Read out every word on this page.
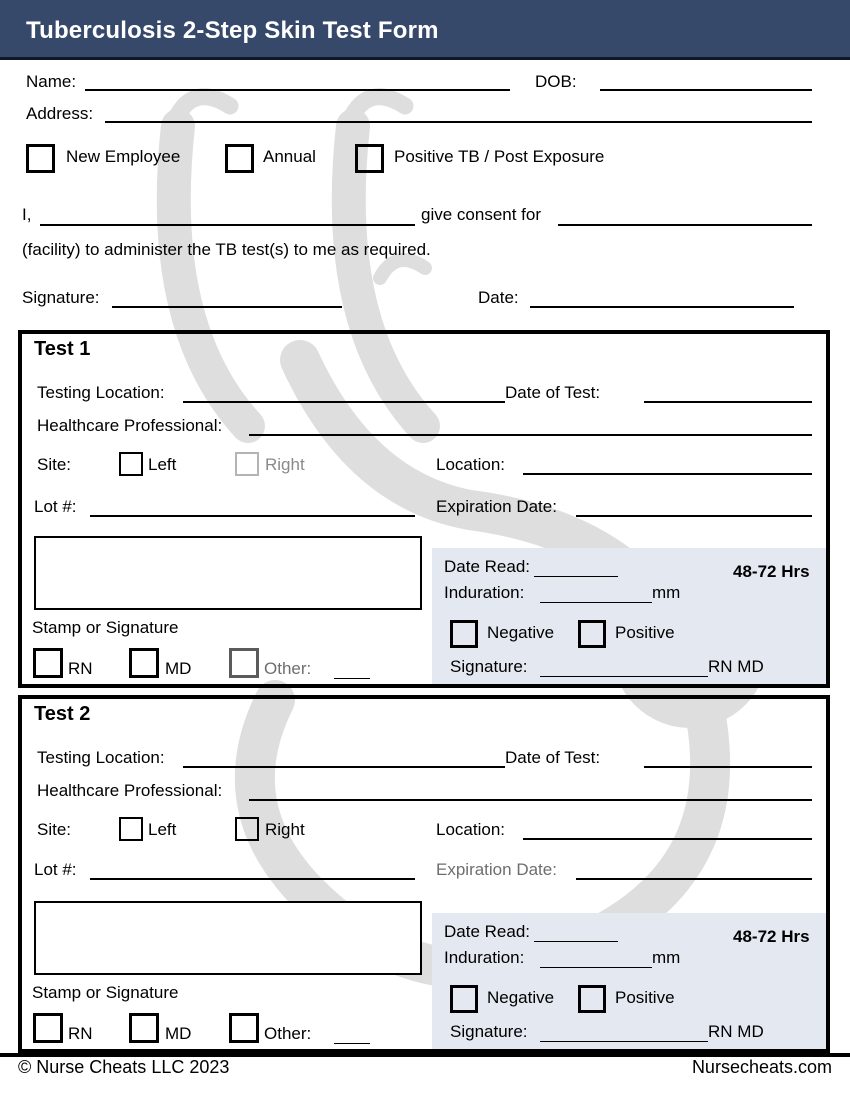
Tuberculosis 2-Step Skin Test Form
Name:	DOB:
Address:
New Employee	Annual	Positive TB / Post Exposure
I,	give consent for
(facility) to administer the TB test(s) to me as required.
Signature:	Date:
Test 1
Testing Location:	Date of Test:
Healthcare Professional:
Site:	Left	Right	Location:
Lot #:	Expiration Date:
Stamp or Signature
RN	MD	Other:
Date Read:	48-72 Hrs
Induration:	mm
Negative	Positive
Signature:	RN MD
Test 2
Testing Location:	Date of Test:
Healthcare Professional:
Site:	Left	Right	Location:
Lot #:	Expiration Date:
Stamp or Signature
RN	MD	Other:
Date Read:	48-72 Hrs
Induration:	mm
Negative	Positive
Signature:	RN MD
© Nurse Cheats LLC 2023	Nursecheats.com
